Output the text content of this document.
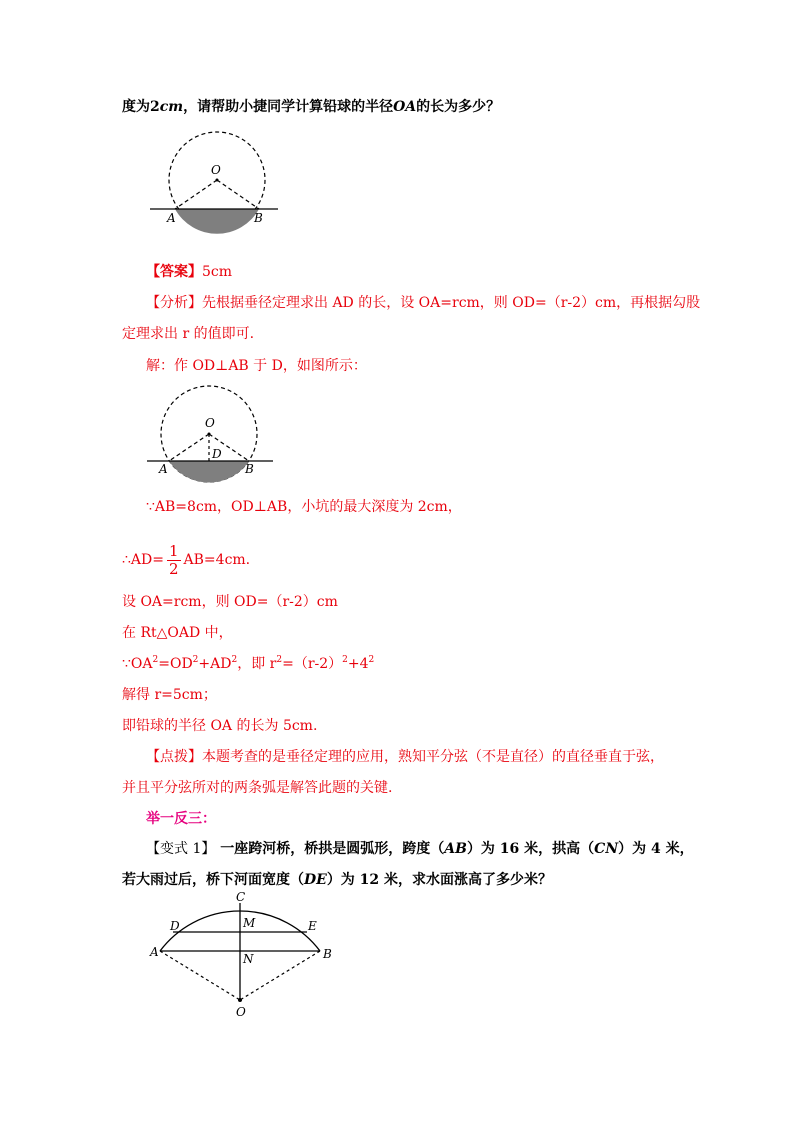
度为2cm，请帮助小捷同学计算铅球的半径OA的长为多少？
O
A	B
【答案】5cm
【分析】先根据垂径定理求出 AD 的长，设 OA=rcm，则 OD=（r-2）cm，再根据勾股
定理求出 r 的值即可.
解：作 OD⊥AB 于 D，如图所示：
O
D
A	B
∵AB=8cm，OD⊥AB，小坑的最大深度为 2cm，
∴AD= $\frac{1}{2} AB=4cm$.
设 OA=rcm，则 OD=（r-2）cm
在 Rt△OAD 中，
$\because OA^2=OD^2+AD^2$，即 $r^2=(r-2)^2+4^2$
解得 r=5cm；
即铅球的半径 OA 的长为 5cm.
【点拨】本题考查的是垂径定理的应用，熟知平分弦（不是直径）的直径垂直于弦，
并且平分弦所对的两条弧是解答此题的关键.
举一反三：
【变式 1】 一座跨河桥，桥拱是圆弧形，跨度（AB）为 16 米，拱高（CN）为 4 米，
若大雨过后，桥下河面宽度（DE）为 12 米，求水面涨高了多少米？
C
D	M	E
A	B
N
O
